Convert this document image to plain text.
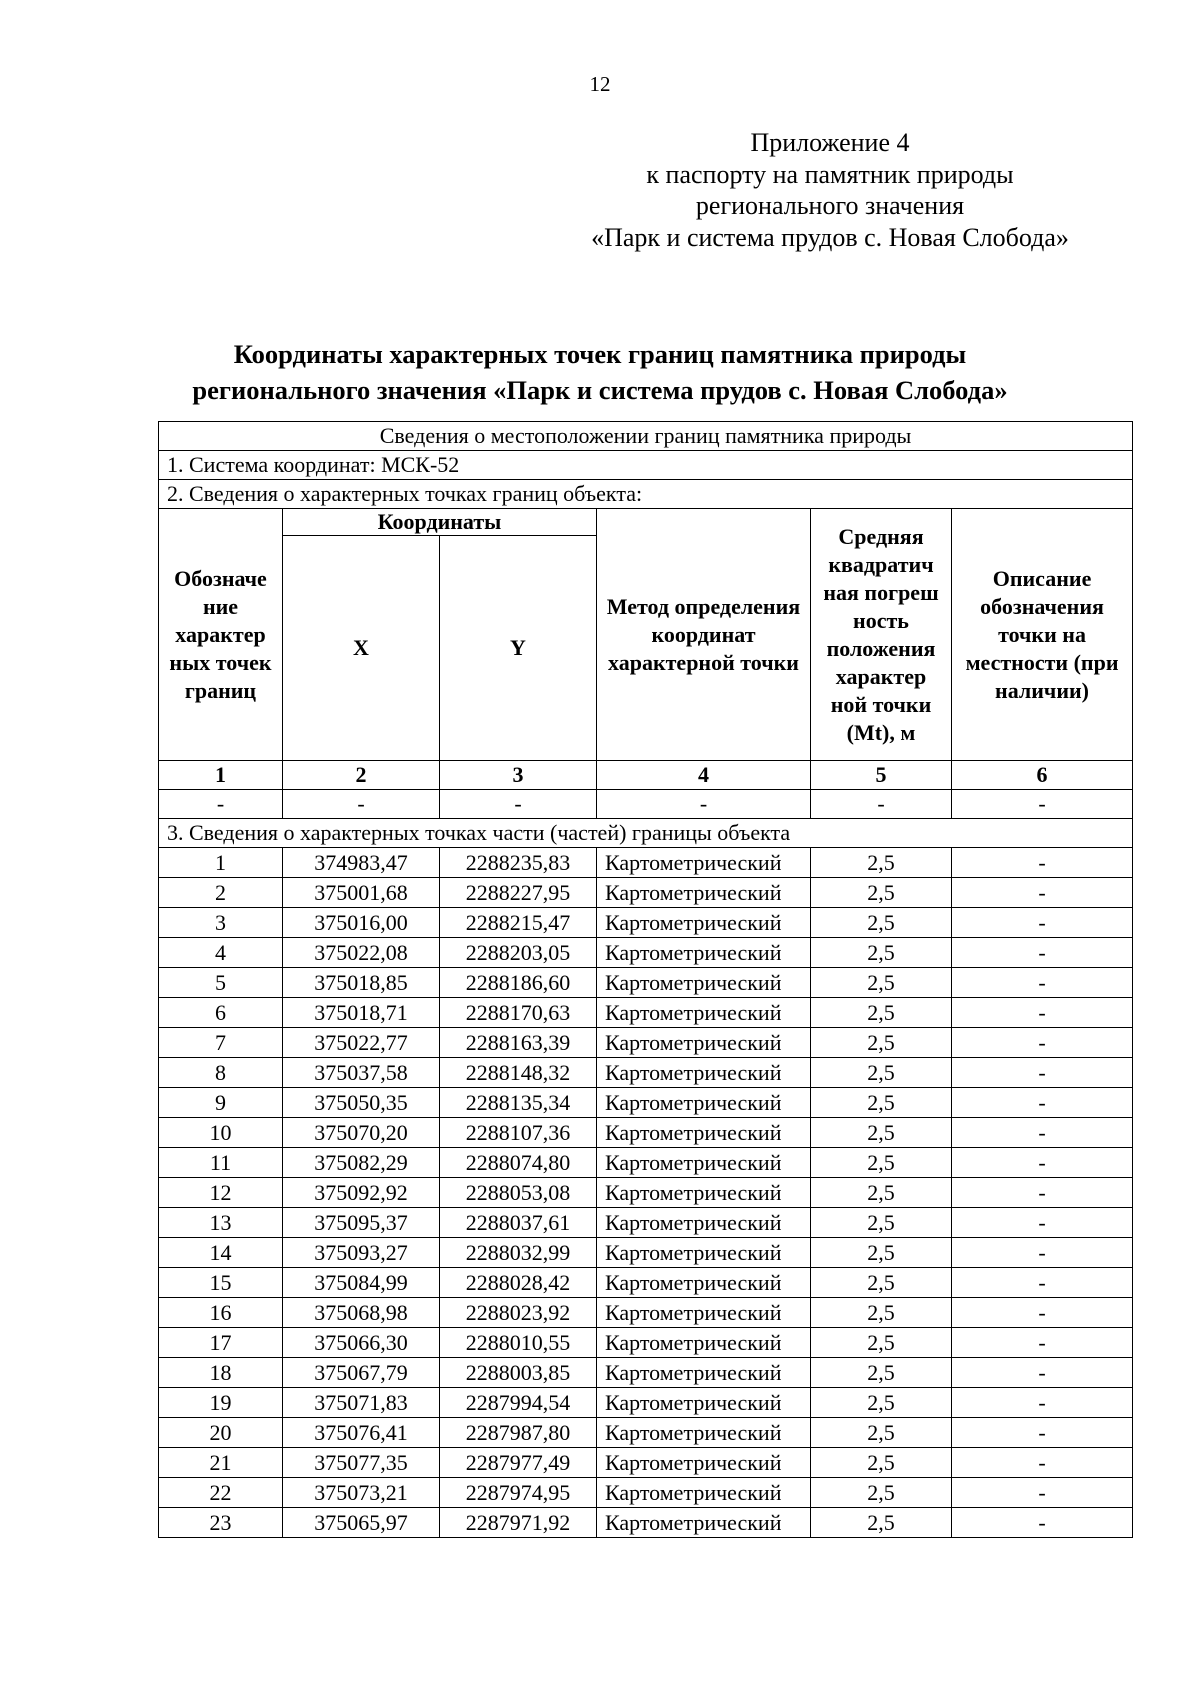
12
Приложение 4
к паспорту на памятник природы
регионального значения
«Парк и система прудов с. Новая Слобода»
Координаты характерных точек границ памятника природы
регионального значения «Парк и система прудов с. Новая Слобода»
Сведения о местоположении границ памятника природы					
1. Система координат: МСК-52					
2. Сведения о характерных точках границ объекта:					
Обозначе ние характер ных точек границ	Координаты		Метод определения координат характерной точки	Средняя квадратич ная погреш ность положения характер ной точки (Mt), м	Описание обозначения точки на местности (при наличии)
	X	Y			
1	2	3	4	5	6
-	-	-	-	-	-
3. Сведения о характерных точках части (частей) границы объекта					
1	374983,47	2288235,83	Картометрический	2,5	-
2	375001,68	2288227,95	Картометрический	2,5	-
3	375016,00	2288215,47	Картометрический	2,5	-
4	375022,08	2288203,05	Картометрический	2,5	-
5	375018,85	2288186,60	Картометрический	2,5	-
6	375018,71	2288170,63	Картометрический	2,5	-
7	375022,77	2288163,39	Картометрический	2,5	-
8	375037,58	2288148,32	Картометрический	2,5	-
9	375050,35	2288135,34	Картометрический	2,5	-
10	375070,20	2288107,36	Картометрический	2,5	-
11	375082,29	2288074,80	Картометрический	2,5	-
12	375092,92	2288053,08	Картометрический	2,5	-
13	375095,37	2288037,61	Картометрический	2,5	-
14	375093,27	2288032,99	Картометрический	2,5	-
15	375084,99	2288028,42	Картометрический	2,5	-
16	375068,98	2288023,92	Картометрический	2,5	-
17	375066,30	2288010,55	Картометрический	2,5	-
18	375067,79	2288003,85	Картометрический	2,5	-
19	375071,83	2287994,54	Картометрический	2,5	-
20	375076,41	2287987,80	Картометрический	2,5	-
21	375077,35	2287977,49	Картометрический	2,5	-
22	375073,21	2287974,95	Картометрический	2,5	-
23	375065,97	2287971,92	Картометрический	2,5	-
